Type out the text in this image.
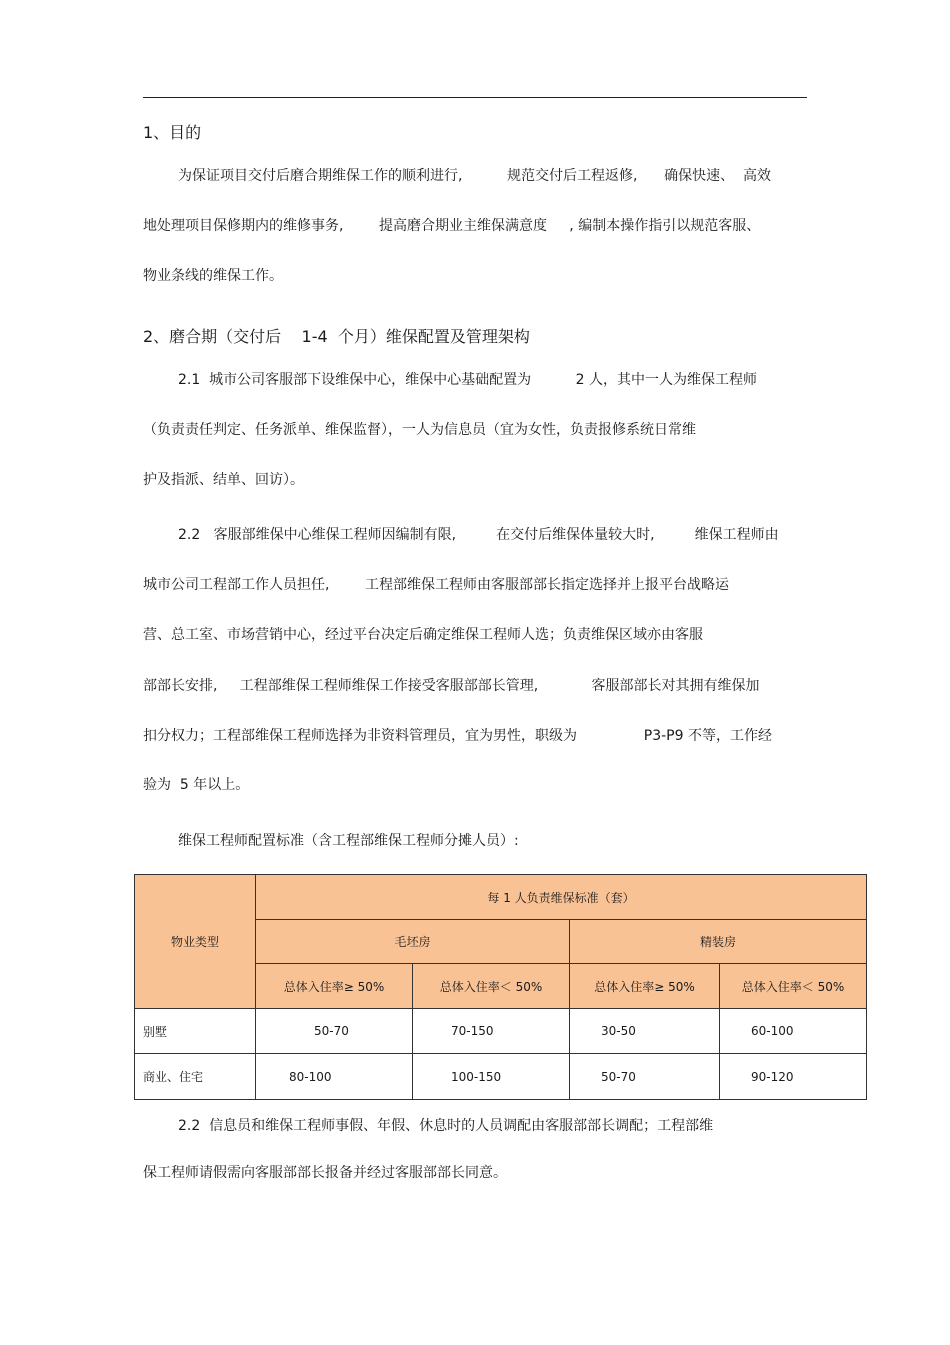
1、目的
为保证项目交付后磨合期维保工作的顺利进行,          规范交付后工程返修,      确保快速、  高效
地处理项目保修期内的维修事务,        提高磨合期业主维保满意度     , 编制本操作指引以规范客服、
物业条线的维保工作。
2、磨合期（交付后    1-4  个月）维保配置及管理架构
2.1  城市公司客服部下设维保中心，维保中心基础配置为          2 人，其中一人为维保工程师
（负责责任判定、任务派单、维保监督），一人为信息员（宜为女性，负责报修系统日常维
护及指派、结单、回访）。
2.2   客服部维保中心维保工程师因编制有限,         在交付后维保体量较大时,         维保工程师由
城市公司工程部工作人员担任,        工程部维保工程师由客服部部长指定选择并上报平台战略运
营、总工室、市场营销中心，经过平台决定后确定维保工程师人选；负责维保区域亦由客服
部部长安排,     工程部维保工程师维保工作接受客服部部长管理,            客服部部长对其拥有维保加
扣分权力；工程部维保工程师选择为非资料管理员，宜为男性，职级为               P3-P9 不等，工作经
验为  5 年以上。
维保工程师配置标准（含工程部维保工程师分摊人员）:
物业类型	每 1 人负责维保标准（套）			
	毛坯房		精装房	
	总体入住率≥ 50%	总体入住率＜ 50%	总体入住率≥ 50%	总体入住率＜ 50%
别墅	50-70	70-150	30-50	60-100
商业、住宅	80-100	100-150	50-70	90-120
2.2  信息员和维保工程师事假、年假、休息时的人员调配由客服部部长调配；工程部维
保工程师请假需向客服部部长报备并经过客服部部长同意。
